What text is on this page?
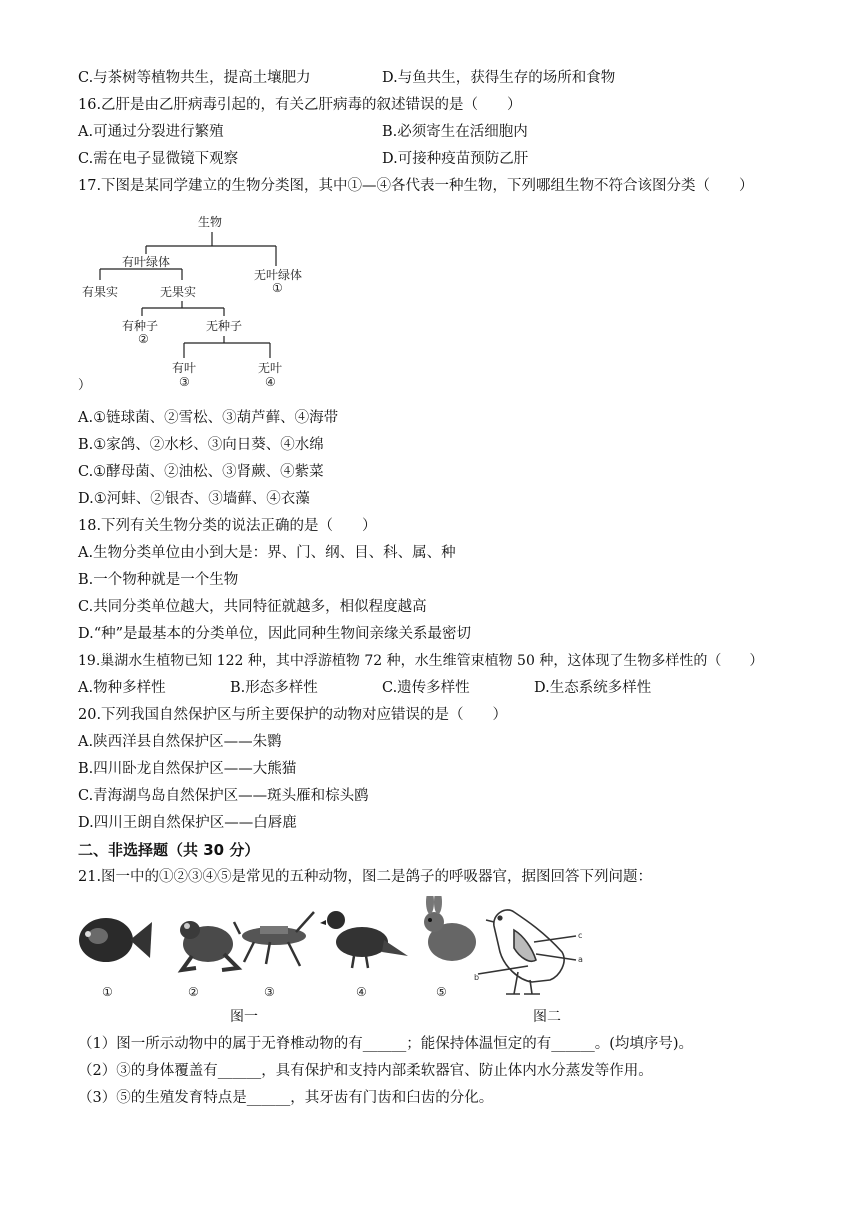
C.与茶树等植物共生，提高土壤肥力	D.与鱼共生，获得生存的场所和食物
16.乙肝是由乙肝病毒引起的，有关乙肝病毒的叙述错误的是（　　）
A.可通过分裂进行繁殖	B.必须寄生在活细胞内
C.需在电子显微镜下观察	D.可接种疫苗预防乙肝
17.下图是某同学建立的生物分类图，其中①—④各代表一种生物，下列哪组生物不符合该图分类（　　）
生物
有叶绿体
无叶绿体
①
有果实	无果实
有种子
②
无种子
有叶
③
无叶
④
）
A.①链球菌、②雪松、③葫芦藓、④海带
B.①家鸽、②水杉、③向日葵、④水绵
C.①酵母菌、②油松、③肾蕨、④紫菜
D.①河蚌、②银杏、③墙藓、④衣藻
18.下列有关生物分类的说法正确的是（　　）
A.生物分类单位由小到大是：界、门、纲、目、科、属、种
B.一个物种就是一个生物
C.共同分类单位越大，共同特征就越多，相似程度越高
D.“种”是最基本的分类单位，因此同种生物间亲缘关系最密切
19.巢湖水生植物已知 122 种，其中浮游植物 72 种，水生维管束植物 50 种，这体现了生物多样性的（　　）
A.物种多样性	B.形态多样性	C.遗传多样性	D.生态系统多样性
20.下列我国自然保护区与所主要保护的动物对应错误的是（　　）
A.陕西洋县自然保护区——朱鹮
B.四川卧龙自然保护区——大熊猫
C.青海湖鸟岛自然保护区——斑头雁和棕头鸥
D.四川王朗自然保护区——白唇鹿
二、非选择题（共 30 分）
21.图一中的①②③④⑤是常见的五种动物，图二是鸽子的呼吸器官，据图回答下列问题：
c
a
b
①	②	③	④	⑤
图一	图二
（1）图一所示动物中的属于无脊椎动物的有______；能保持体温恒定的有______。(均填序号)。
（2）③的身体覆盖有______，具有保护和支持内部柔软器官、防止体内水分蒸发等作用。
（3）⑤的生殖发育特点是______，其牙齿有门齿和臼齿的分化。
